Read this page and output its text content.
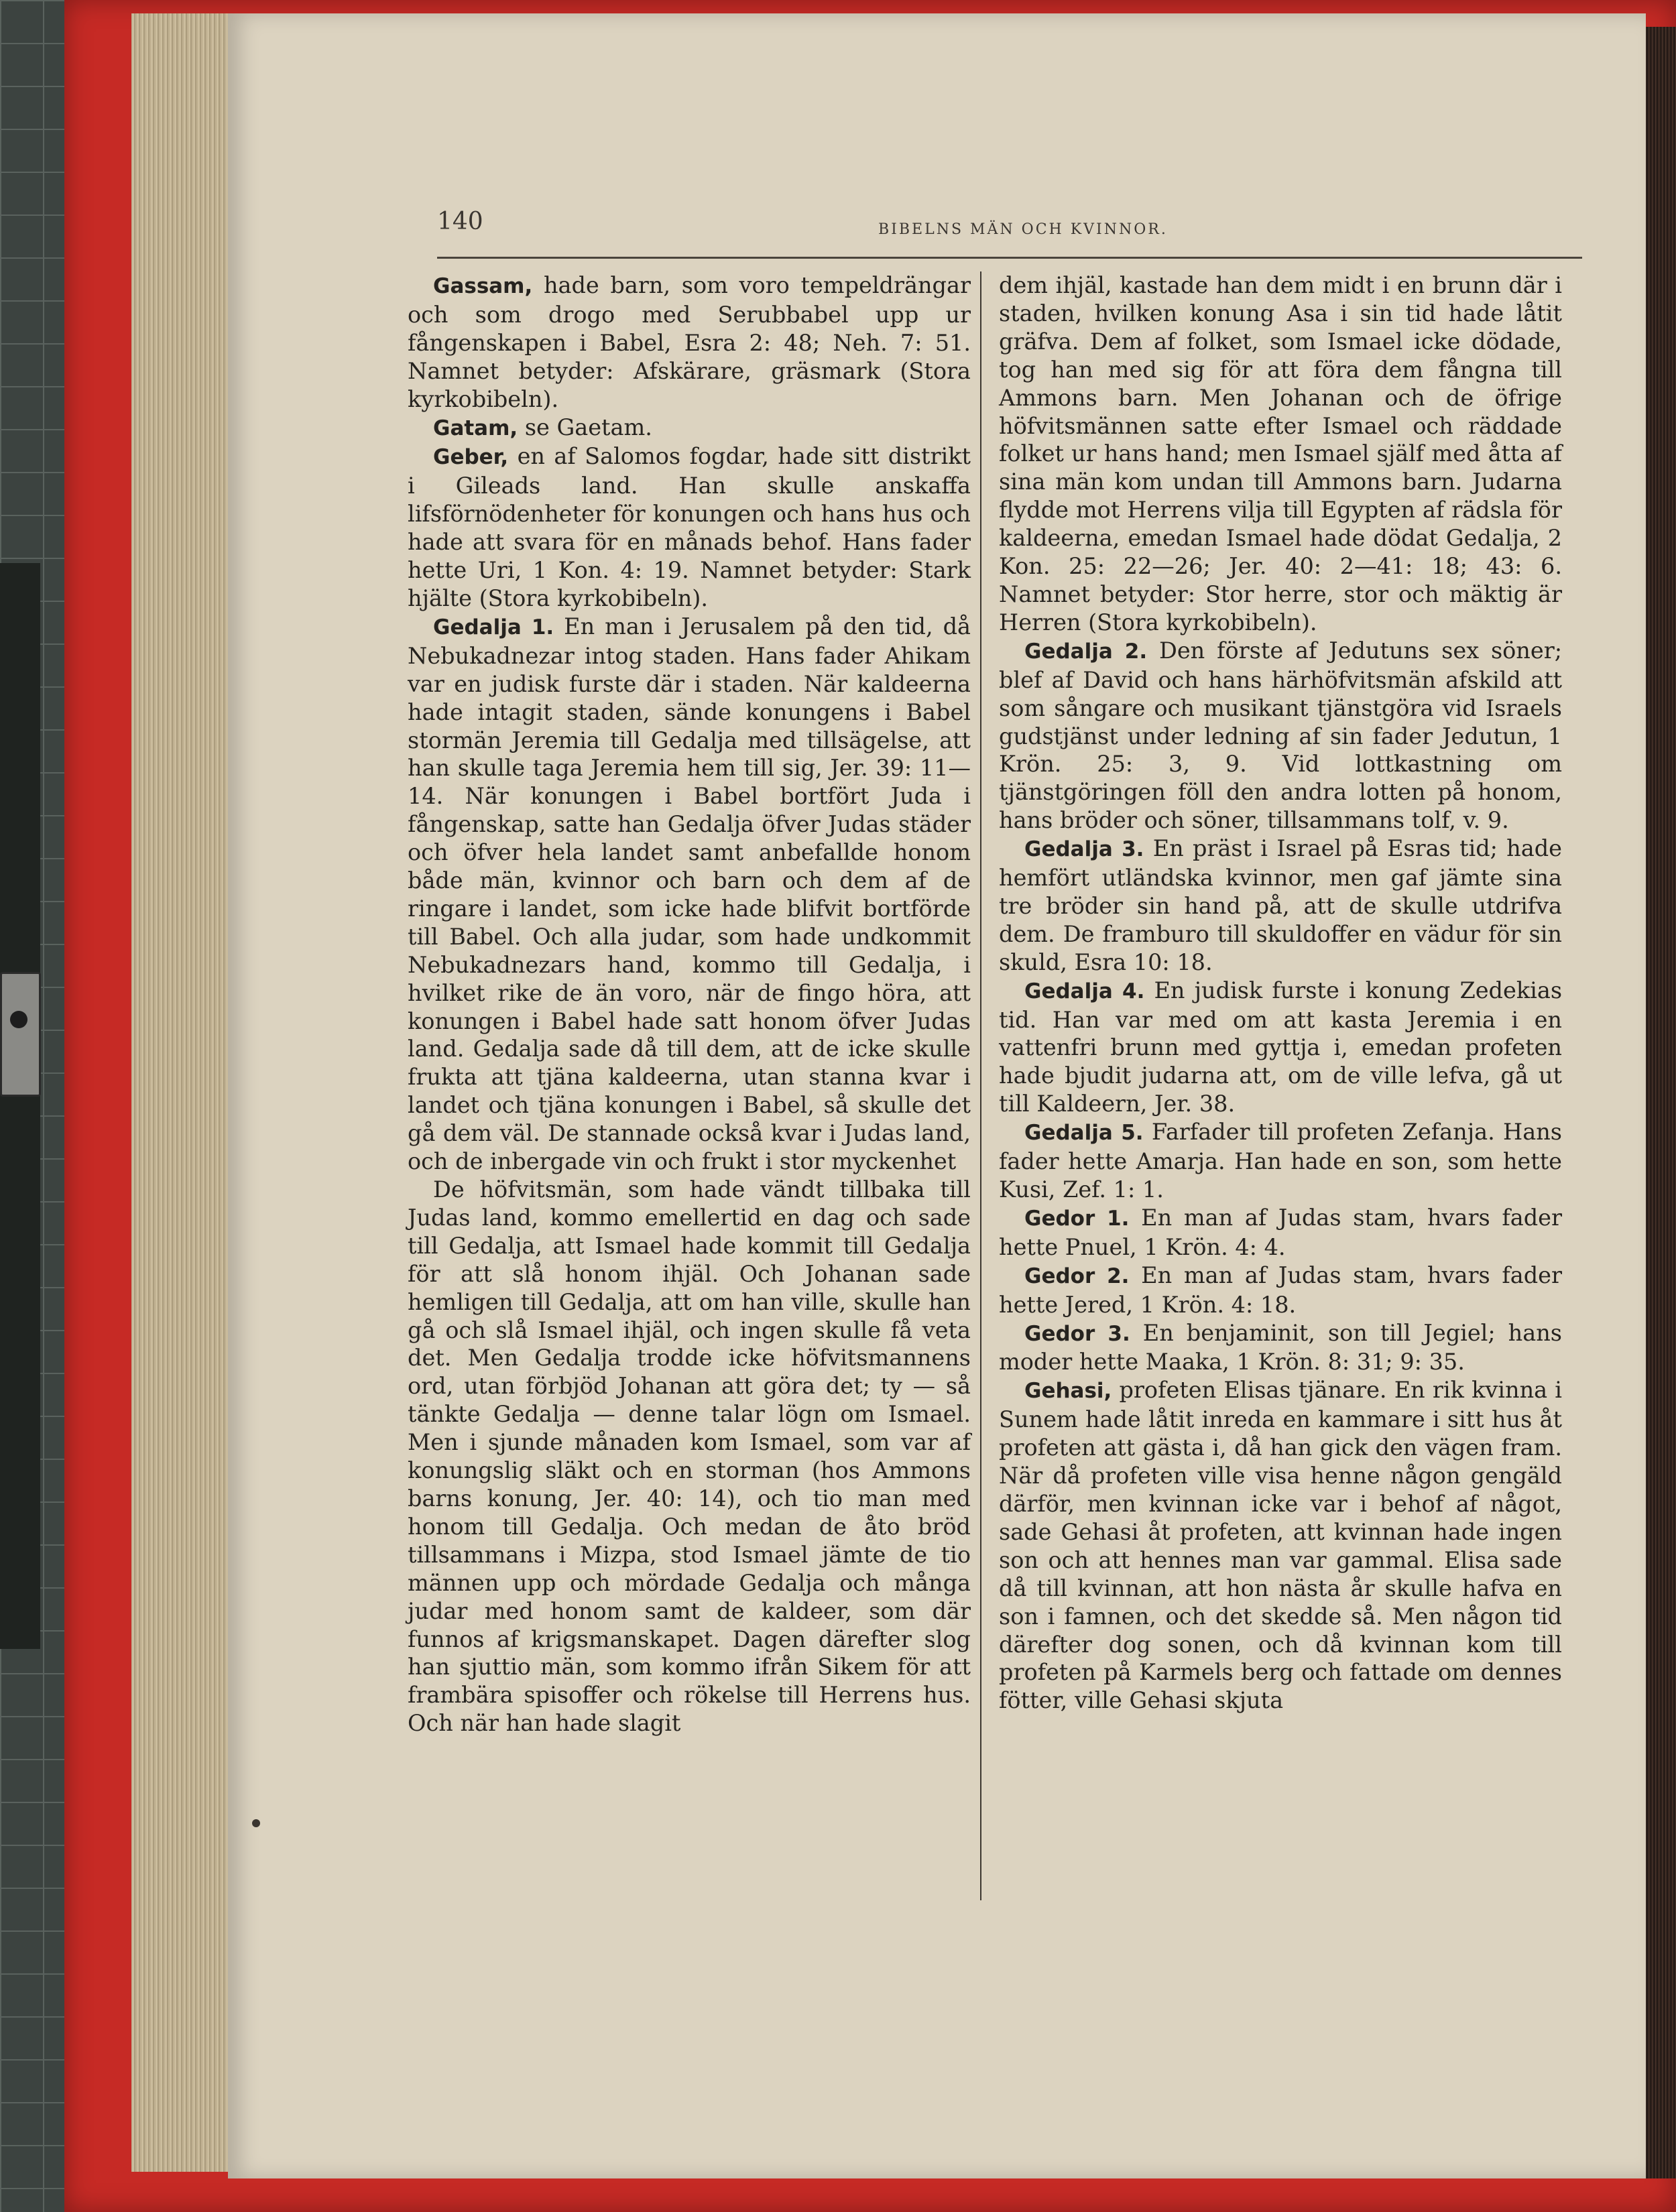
140	BIBELNS MÄN OCH KVINNOR.

Gassam, hade barn, som voro tempeldrängar och som drogo med Serubbabel upp ur fångenskapen i Babel, Esra 2: 48; Neh. 7: 51. Namnet betyder: Afskärare, gräsmark (Stora kyrkobibeln).

Gatam, se Gaetam.

Geber, en af Salomos fogdar, hade sitt distrikt i Gileads land. Han skulle anskaffa lifsförnödenheter för konungen och hans hus och hade att svara för en månads behof. Hans fader hette Uri, 1 Kon. 4: 19. Namnet betyder: Stark hjälte (Stora kyrkobibeln).

Gedalja 1. En man i Jerusalem på den tid, då Nebukadnezar intog staden. Hans fader Ahikam var en judisk furste där i staden. När kaldeerna hade intagit staden, sände konungens i Babel stormän Jeremia till Gedalja med tillsägelse, att han skulle taga Jeremia hem till sig, Jer. 39: 11—14. När konungen i Babel bortfört Juda i fångenskap, satte han Gedalja öfver Judas städer och öfver hela landet samt anbefallde honom både män, kvinnor och barn och dem af de ringare i landet, som icke hade blifvit bortförde till Babel. Och alla judar, som hade undkommit Nebukadnezars hand, kommo till Gedalja, i hvilket rike de än voro, när de fingo höra, att konungen i Babel hade satt honom öfver Judas land. Gedalja sade då till dem, att de icke skulle frukta att tjäna kaldeerna, utan stanna kvar i landet och tjäna konungen i Babel, så skulle det gå dem väl. De stannade också kvar i Judas land, och de inbergade vin och frukt i stor myckenhet

De höfvitsmän, som hade vändt tillbaka till Judas land, kommo emellertid en dag och sade till Gedalja, att Ismael hade kommit till Gedalja för att slå honom ihjäl. Och Johanan sade hemligen till Gedalja, att om han ville, skulle han gå och slå Ismael ihjäl, och ingen skulle få veta det. Men Gedalja trodde icke höfvitsmannens ord, utan förbjöd Johanan att göra det; ty — så tänkte Gedalja — denne talar lögn om Ismael. Men i sjunde månaden kom Ismael, som var af konungslig släkt och en storman (hos Ammons barns konung, Jer. 40: 14), och tio man med honom till Gedalja. Och medan de åto bröd tillsammans i Mizpa, stod Ismael jämte de tio männen upp och mördade Gedalja och många judar med honom samt de kaldeer, som där funnos af krigsmanskapet. Dagen därefter slog han sjuttio män, som kommo ifrån Sikem för att frambära spisoffer och rökelse till Herrens hus. Och när han hade slagit

dem ihjäl, kastade han dem midt i en brunn där i staden, hvilken konung Asa i sin tid hade låtit gräfva. Dem af folket, som Ismael icke dödade, tog han med sig för att föra dem fångna till Ammons barn. Men Johanan och de öfrige höfvitsmännen satte efter Ismael och räddade folket ur hans hand; men Ismael själf med åtta af sina män kom undan till Ammons barn. Judarna flydde mot Herrens vilja till Egypten af rädsla för kaldeerna, emedan Ismael hade dödat Gedalja, 2 Kon. 25: 22—26; Jer. 40: 2—41: 18; 43: 6. Namnet betyder: Stor herre, stor och mäktig är Herren (Stora kyrkobibeln).

Gedalja 2. Den förste af Jedutuns sex söner; blef af David och hans härhöfvitsmän afskild att som sångare och musikant tjänstgöra vid Israels gudstjänst under ledning af sin fader Jedutun, 1 Krön. 25: 3, 9. Vid lottkastning om tjänstgöringen föll den andra lotten på honom, hans bröder och söner, tillsammans tolf, v. 9.

Gedalja 3. En präst i Israel på Esras tid; hade hemfört utländska kvinnor, men gaf jämte sina tre bröder sin hand på, att de skulle utdrifva dem. De framburo till skuldoffer en vädur för sin skuld, Esra 10: 18.

Gedalja 4. En judisk furste i konung Zedekias tid. Han var med om att kasta Jeremia i en vattenfri brunn med gyttja i, emedan profeten hade bjudit judarna att, om de ville lefva, gå ut till Kaldeern, Jer. 38.

Gedalja 5. Farfader till profeten Zefanja. Hans fader hette Amarja. Han hade en son, som hette Kusi, Zef. 1: 1.

Gedor 1. En man af Judas stam, hvars fader hette Pnuel, 1 Krön. 4: 4.

Gedor 2. En man af Judas stam, hvars fader hette Jered, 1 Krön. 4: 18.

Gedor 3. En benjaminit, son till Jegiel; hans moder hette Maaka, 1 Krön. 8: 31; 9: 35.

Gehasi, profeten Elisas tjänare. En rik kvinna i Sunem hade låtit inreda en kammare i sitt hus åt profeten att gästa i, då han gick den vägen fram. När då profeten ville visa henne någon gengäld därför, men kvinnan icke var i behof af något, sade Gehasi åt profeten, att kvinnan hade ingen son och att hennes man var gammal. Elisa sade då till kvinnan, att hon nästa år skulle hafva en son i famnen, och det skedde så. Men någon tid därefter dog sonen, och då kvinnan kom till profeten på Karmels berg och fattade om dennes fötter, ville Gehasi skjuta
